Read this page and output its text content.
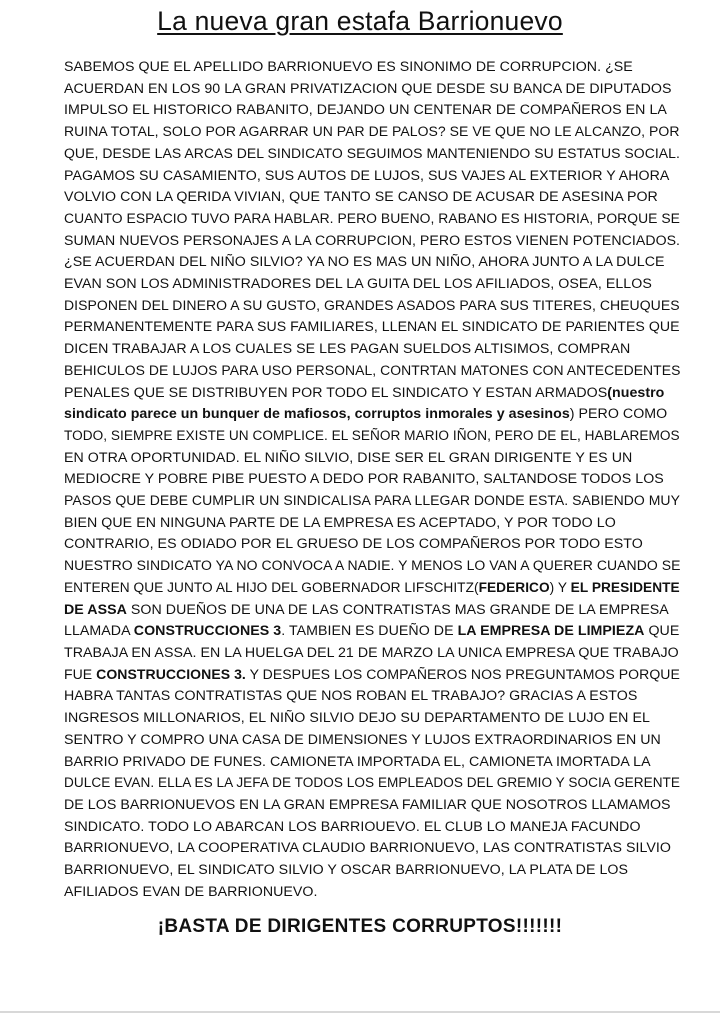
La nueva gran estafa Barrionuevo
SABEMOS QUE EL APELLIDO BARRIONUEVO ES SINONIMO DE CORRUPCION. ¿SE
ACUERDAN EN LOS 90 LA GRAN PRIVATIZACION QUE DESDE SU BANCA DE DIPUTADOS
IMPULSO EL HISTORICO RABANITO, DEJANDO UN CENTENAR DE COMPAÑEROS EN LA
RUINA TOTAL, SOLO POR AGARRAR UN PAR DE PALOS? SE VE QUE NO LE ALCANZO, POR
QUE, DESDE LAS ARCAS DEL SINDICATO SEGUIMOS MANTENIENDO SU ESTATUS SOCIAL.
PAGAMOS SU CASAMIENTO, SUS AUTOS DE LUJOS, SUS VAJES AL EXTERIOR Y AHORA
VOLVIO CON LA QERIDA VIVIAN, QUE TANTO SE CANSO DE ACUSAR DE ASESINA POR
CUANTO ESPACIO TUVO PARA HABLAR. PERO BUENO, RABANO ES HISTORIA, PORQUE SE
SUMAN NUEVOS PERSONAJES A LA CORRUPCION, PERO ESTOS VIENEN POTENCIADOS.
¿SE ACUERDAN DEL NIÑO SILVIO? YA NO ES MAS UN NIÑO, AHORA JUNTO A LA DULCE
EVAN SON LOS ADMINISTRADORES DEL LA GUITA DEL LOS AFILIADOS, OSEA, ELLOS
DISPONEN DEL DINERO A SU GUSTO, GRANDES ASADOS PARA SUS TITERES, CHEUQUES
PERMANENTEMENTE PARA SUS FAMILIARES, LLENAN EL SINDICATO DE PARIENTES QUE
DICEN TRABAJAR A LOS CUALES SE LES PAGAN SUELDOS ALTISIMOS, COMPRAN
BEHICULOS DE LUJOS PARA USO PERSONAL, CONTRTAN MATONES CON ANTECEDENTES
PENALES QUE SE DISTRIBUYEN POR TODO EL SINDICATO Y ESTAN ARMADOS(nuestro
sindicato parece un bunquer de mafiosos, corruptos inmorales y asesinos) PERO COMO
TODO, SIEMPRE EXISTE UN COMPLICE. EL SEÑOR MARIO IÑON, PERO DE EL, HABLAREMOS
EN OTRA OPORTUNIDAD. EL NIÑO SILVIO, DISE SER EL GRAN DIRIGENTE Y ES UN
MEDIOCRE Y POBRE PIBE PUESTO A DEDO POR RABANITO, SALTANDOSE TODOS LOS
PASOS QUE DEBE CUMPLIR UN SINDICALISA PARA LLEGAR DONDE ESTA. SABIENDO MUY
BIEN QUE EN NINGUNA PARTE DE LA EMPRESA ES ACEPTADO, Y POR TODO LO
CONTRARIO, ES ODIADO POR EL GRUESO DE LOS COMPAÑEROS POR TODO ESTO
NUESTRO SINDICATO YA NO CONVOCA A NADIE. Y MENOS LO VAN A QUERER CUANDO SE
ENTEREN QUE JUNTO AL HIJO DEL GOBERNADOR LIFSCHITZ(FEDERICO) Y EL PRESIDENTE
DE ASSA SON DUEÑOS DE UNA DE LAS CONTRATISTAS MAS GRANDE DE LA EMPRESA
LLAMADA CONSTRUCCIONES 3. TAMBIEN ES DUEÑO DE LA EMPRESA DE LIMPIEZA QUE
TRABAJA EN ASSA. EN LA HUELGA DEL 21 DE MARZO LA UNICA EMPRESA QUE TRABAJO
FUE CONSTRUCCIONES 3. Y DESPUES LOS COMPAÑEROS NOS PREGUNTAMOS PORQUE
HABRA TANTAS CONTRATISTAS QUE NOS ROBAN EL TRABAJO? GRACIAS A ESTOS
INGRESOS MILLONARIOS, EL NIÑO SILVIO DEJO SU DEPARTAMENTO DE LUJO EN EL
SENTRO Y COMPRO UNA CASA DE DIMENSIONES Y LUJOS EXTRAORDINARIOS EN UN
BARRIO PRIVADO DE FUNES. CAMIONETA IMPORTADA EL, CAMIONETA IMORTADA LA
DULCE EVAN. ELLA ES LA JEFA DE TODOS LOS EMPLEADOS DEL GREMIO Y SOCIA GERENTE
DE LOS BARRIONUEVOS EN LA GRAN EMPRESA FAMILIAR QUE NOSOTROS LLAMAMOS
SINDICATO. TODO LO ABARCAN LOS BARRIOUEVO. EL CLUB LO MANEJA FACUNDO
BARRIONUEVO, LA COOPERATIVA CLAUDIO BARRIONUEVO, LAS CONTRATISTAS SILVIO
BARRIONUEVO, EL SINDICATO SILVIO Y OSCAR BARRIONUEVO, LA PLATA DE LOS
AFILIADOS EVAN DE BARRIONUEVO.
¡BASTA DE DIRIGENTES CORRUPTOS!!!!!!!
